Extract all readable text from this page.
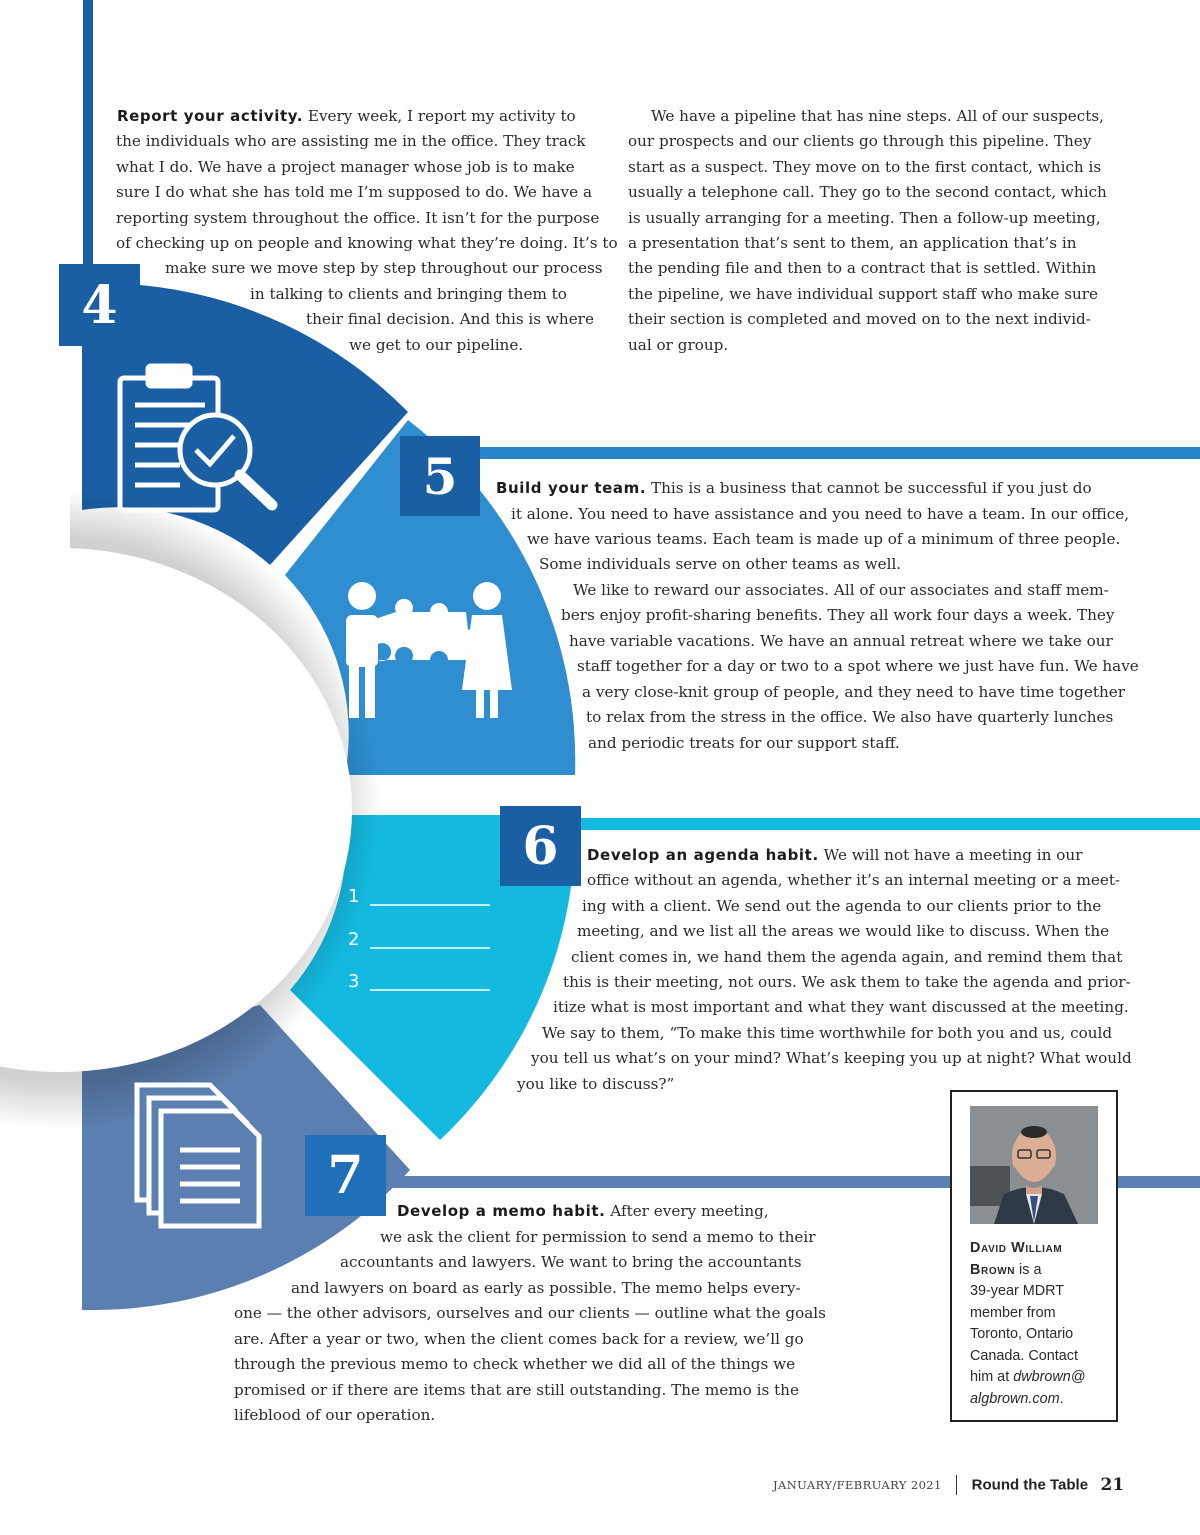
4
5
6
7
1
2
3
Report your activity. Every week, I report my activity to
the individuals who are assisting me in the office. They track
what I do. We have a project manager whose job is to make
sure I do what she has told me I’m supposed to do. We have a
reporting system throughout the office. It isn’t for the purpose
of checking up on people and knowing what they’re doing. It’s to
make sure we move step by step throughout our process
in talking to clients and bringing them to
their final decision. And this is where
we get to our pipeline.
We have a pipeline that has nine steps. All of our suspects,
our prospects and our clients go through this pipeline. They
start as a suspect. They move on to the first contact, which is
usually a telephone call. They go to the second contact, which
is usually arranging for a meeting. Then a follow-up meeting,
a presentation that’s sent to them, an application that’s in
the pending file and then to a contract that is settled. Within
the pipeline, we have individual support staff who make sure
their section is completed and moved on to the next individ-
ual or group.
Build your team. This is a business that cannot be successful if you just do
it alone. You need to have assistance and you need to have a team. In our office,
we have various teams. Each team is made up of a minimum of three people.
Some individuals serve on other teams as well.
We like to reward our associates. All of our associates and staff mem-
bers enjoy profit-sharing benefits. They all work four days a week. They
have variable vacations. We have an annual retreat where we take our
staff together for a day or two to a spot where we just have fun. We have
a very close-knit group of people, and they need to have time together
to relax from the stress in the office. We also have quarterly lunches
and periodic treats for our support staff.
Develop an agenda habit. We will not have a meeting in our
office without an agenda, whether it’s an internal meeting or a meet-
ing with a client. We send out the agenda to our clients prior to the
meeting, and we list all the areas we would like to discuss. When the
client comes in, we hand them the agenda again, and remind them that
this is their meeting, not ours. We ask them to take the agenda and prior-
itize what is most important and what they want discussed at the meeting.
We say to them, “To make this time worthwhile for both you and us, could
you tell us what’s on your mind? What’s keeping you up at night? What would
you like to discuss?”
Develop a memo habit. After every meeting,
we ask the client for permission to send a memo to their
accountants and lawyers. We want to bring the accountants
and lawyers on board as early as possible. The memo helps every-
one — the other advisors, ourselves and our clients — outline what the goals
are. After a year or two, when the client comes back for a review, we’ll go
through the previous memo to check whether we did all of the things we
promised or if there are items that are still outstanding. The memo is the
lifeblood of our operation.
David William
Brown is a
39-year MDRT
member from
Toronto, Ontario
Canada. Contact
him at dwbrown@
algbrown.com.
JANUARY/FEBRUARY 2021 Round the Table 21
